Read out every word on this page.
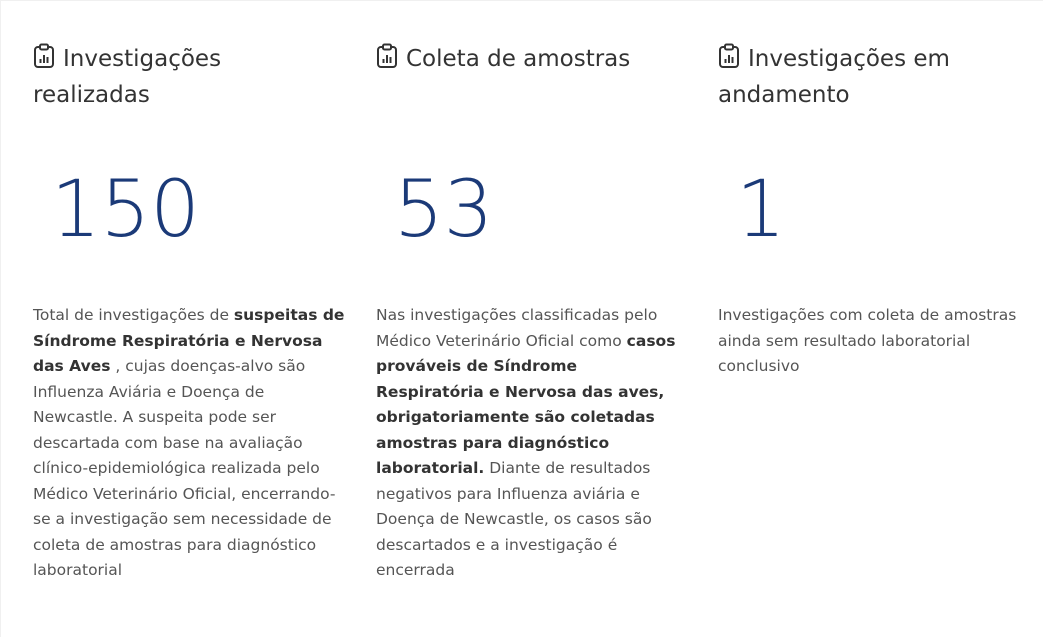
Investigações realizadas
150
Total de investigações de suspeitas de Síndrome Respiratória e Nervosa das Aves , cujas doenças-alvo são Influenza Aviária e Doença de Newcastle. A suspeita pode ser descartada com base na avaliação clínico-epidemiológica realizada pelo Médico Veterinário Oficial, encerrando-se a investigação sem necessidade de coleta de amostras para diagnóstico laboratorial
Coleta de amostras
53
Nas investigações classificadas pelo Médico Veterinário Oficial como casos prováveis de Síndrome Respiratória e Nervosa das aves, obrigatoriamente são coletadas amostras para diagnóstico laboratorial. Diante de resultados negativos para Influenza aviária e Doença de Newcastle, os casos são descartados e a investigação é encerrada
Investigações em andamento
1
Investigações com coleta de amostras ainda sem resultado laboratorial conclusivo
